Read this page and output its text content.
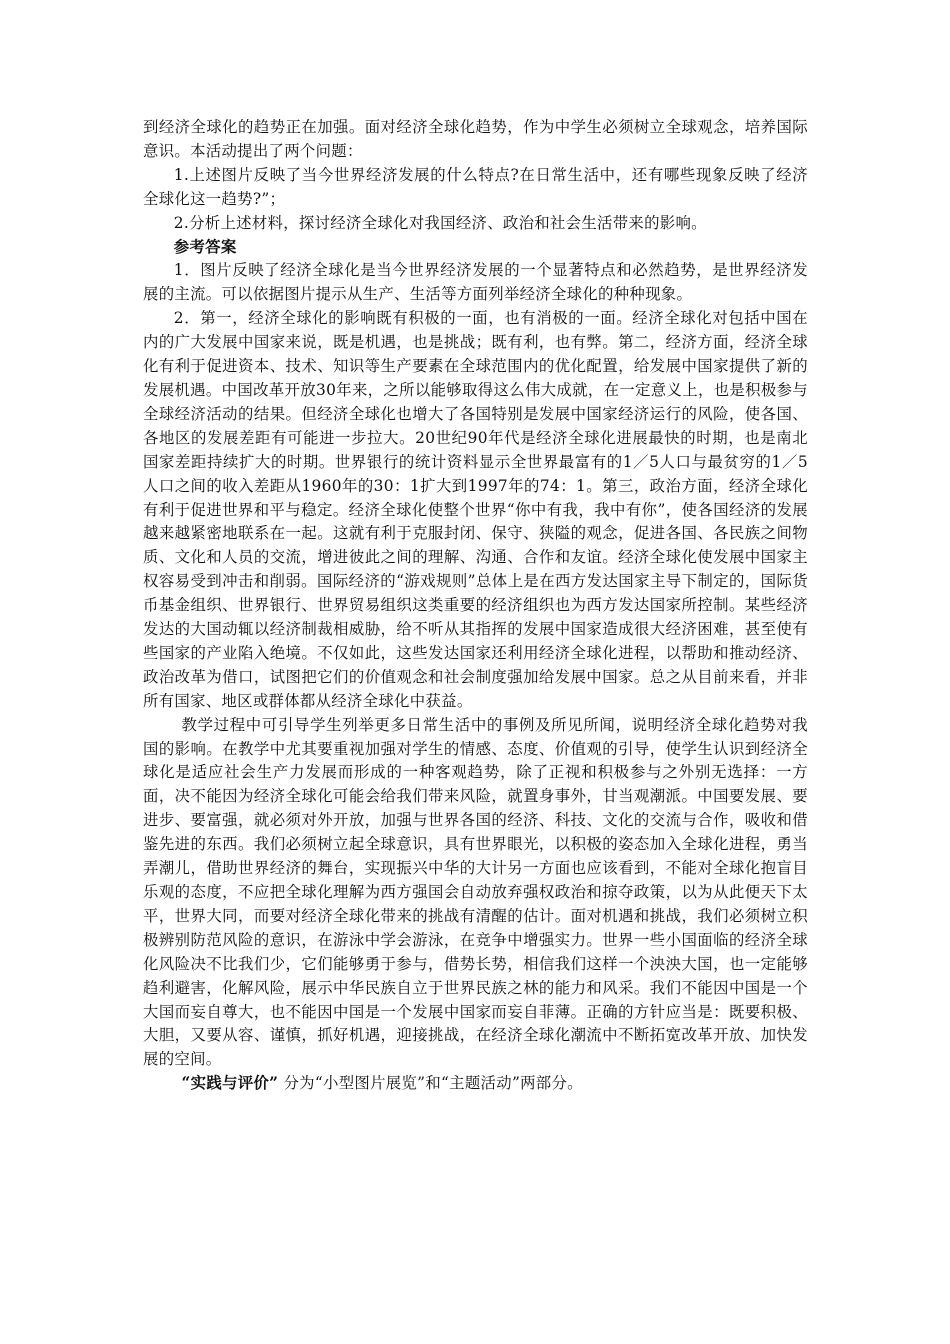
到经济全球化的趋势正在加强。面对经济全球化趋势，作为中学生必须树立全球观念，培养国际意识。本活动提出了两个问题：

1.上述图片反映了当今世界经济发展的什么特点?在日常生活中，还有哪些现象反映了经济全球化这一趋势?”；

2.分析上述材料，探讨经济全球化对我国经济、政治和社会生活带来的影响。

参考答案

1．图片反映了经济全球化是当今世界经济发展的一个显著特点和必然趋势，是世界经济发展的主流。可以依据图片提示从生产、生活等方面列举经济全球化的种种现象。

2．第一，经济全球化的影响既有积极的一面，也有消极的一面。经济全球化对包括中国在内的广大发展中国家来说，既是机遇，也是挑战；既有利，也有弊。第二，经济方面，经济全球化有利于促进资本、技术、知识等生产要素在全球范围内的优化配置，给发展中国家提供了新的发展机遇。中国改革开放30年来，之所以能够取得这么伟大成就，在一定意义上，也是积极参与全球经济活动的结果。但经济全球化也增大了各国特别是发展中国家经济运行的风险，使各国、各地区的发展差距有可能进一步拉大。20世纪90年代是经济全球化进展最快的时期，也是南北国家差距持续扩大的时期。世界银行的统计资料显示全世界最富有的1／5人口与最贫穷的1／5人口之间的收入差距从1960年的30：1扩大到1997年的74：1。第三，政治方面，经济全球化有利于促进世界和平与稳定。经济全球化使整个世界“你中有我，我中有你”，使各国经济的发展越来越紧密地联系在一起。这就有利于克服封闭、保守、狭隘的观念，促进各国、各民族之间物质、文化和人员的交流，增进彼此之间的理解、沟通、合作和友谊。经济全球化使发展中国家主权容易受到冲击和削弱。国际经济的“游戏规则”总体上是在西方发达国家主导下制定的，国际货币基金组织、世界银行、世界贸易组织这类重要的经济组织也为西方发达国家所控制。某些经济发达的大国动辄以经济制裁相威胁，给不听从其指挥的发展中国家造成很大经济困难，甚至使有些国家的产业陷入绝境。不仅如此，这些发达国家还利用经济全球化进程，以帮助和推动经济、政治改革为借口，试图把它们的价值观念和社会制度强加给发展中国家。总之从目前来看，并非所有国家、地区或群体都从经济全球化中获益。

教学过程中可引导学生列举更多日常生活中的事例及所见所闻，说明经济全球化趋势对我国的影响。在教学中尤其要重视加强对学生的情感、态度、价值观的引导，使学生认识到经济全球化是适应社会生产力发展而形成的一种客观趋势，除了正视和积极参与之外别无选择：一方面，决不能因为经济全球化可能会给我们带来风险，就置身事外，甘当观潮派。中国要发展、要进步、要富强，就必须对外开放，加强与世界各国的经济、科技、文化的交流与合作，吸收和借鉴先进的东西。我们必须树立起全球意识，具有世界眼光，以积极的姿态加入全球化进程，勇当弄潮儿，借助世界经济的舞台，实现振兴中华的大计另一方面也应该看到，不能对全球化抱盲目乐观的态度，不应把全球化理解为西方强国会自动放弃强权政治和掠夺政策，以为从此便天下太平，世界大同，而要对经济全球化带来的挑战有清醒的估计。面对机遇和挑战，我们必须树立积极辨别防范风险的意识，在游泳中学会游泳，在竞争中增强实力。世界一些小国面临的经济全球化风险决不比我们少，它们能够勇于参与，借势长势，相信我们这样一个泱泱大国，也一定能够趋利避害，化解风险，展示中华民族自立于世界民族之林的能力和风采。我们不能因中国是一个大国而妄自尊大，也不能因中国是一个发展中国家而妄自菲薄。正确的方针应当是：既要积极、大胆，又要从容、谨慎，抓好机遇，迎接挑战，在经济全球化潮流中不断拓宽改革开放、加快发展的空间。

“实践与评价” 分为“小型图片展览”和“主题活动”两部分。
